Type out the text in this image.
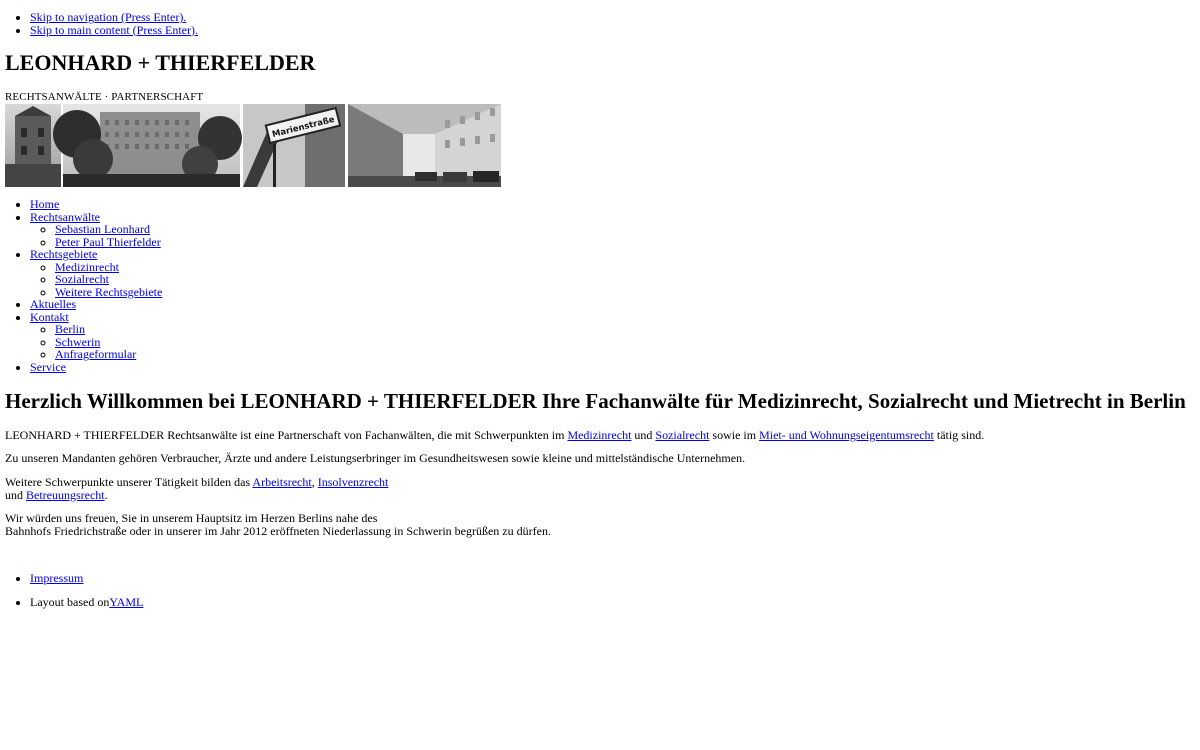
• Skip to navigation (Press Enter).
• Skip to main content (Press Enter).
LEONHARD + THIERFELDER
RECHTSANWÄLTE · PARTNERSCHAFT
Marienstraße
• Home
• Rechtsanwälte
◦ Sebastian Leonhard
◦ Peter Paul Thierfelder
• Rechtsgebiete
◦ Medizinrecht
◦ Sozialrecht
◦ Weitere Rechtsgebiete
• Aktuelles
• Kontakt
◦ Berlin
◦ Schwerin
◦ Anfrageformular
• Service
Herzlich Willkommen bei LEONHARD + THIERFELDER Ihre Fachanwälte für Medizinrecht, Sozialrecht und Mietrecht in Berlin

LEONHARD + THIERFELDER Rechtsanwälte ist eine Partnerschaft von Fachanwälten, die mit Schwerpunkten im Medizinrecht und Sozialrecht sowie im Miet- und Wohnungseigentumsrecht tätig sind.

Zu unseren Mandanten gehören Verbraucher, Ärzte und andere Leistungserbringer im Gesundheitswesen sowie kleine und mittelständische Unternehmen.

Weitere Schwerpunkte unserer Tätigkeit bilden das Arbeitsrecht, Insolvenzrecht
und Betreuungsrecht.

Wir würden uns freuen, Sie in unserem Hauptsitz im Herzen Berlins nahe des
Bahnhofs Friedrichstraße oder in unserer im Jahr 2012 eröffneten Niederlassung in Schwerin begrüßen zu dürfen.

• Impressum
• Layout based onYAML
